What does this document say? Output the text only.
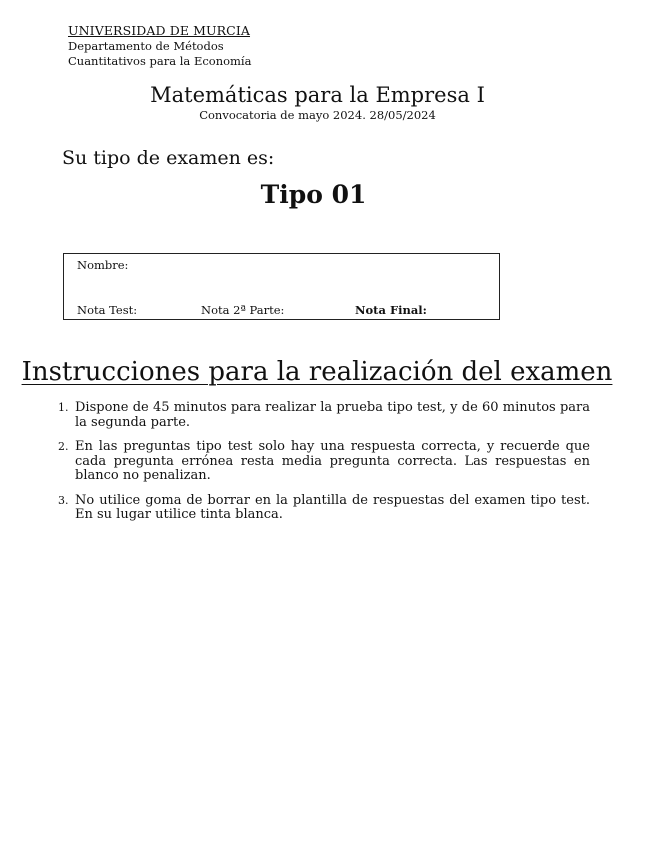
UNIVERSIDAD DE MURCIA
Departamento de Métodos
Cuantitativos para la Economía
Matemáticas para la Empresa I
Convocatoria de mayo 2024. 28/05/2024
Su tipo de examen es:
Tipo 01
Nombre:
Nota Test:	Nota 2ª Parte:	Nota Final:
Instrucciones para la realización del examen
1. Dispone de 45 minutos para realizar la prueba tipo test, y de 60 minutos para la segunda parte.
2. En las preguntas tipo test solo hay una respuesta correcta, y recuerde que cada pregunta errónea resta media pregunta correcta. Las respuestas en blanco no penalizan.
3. No utilice goma de borrar en la plantilla de respuestas del examen tipo test. En su lugar utilice tinta blanca.
